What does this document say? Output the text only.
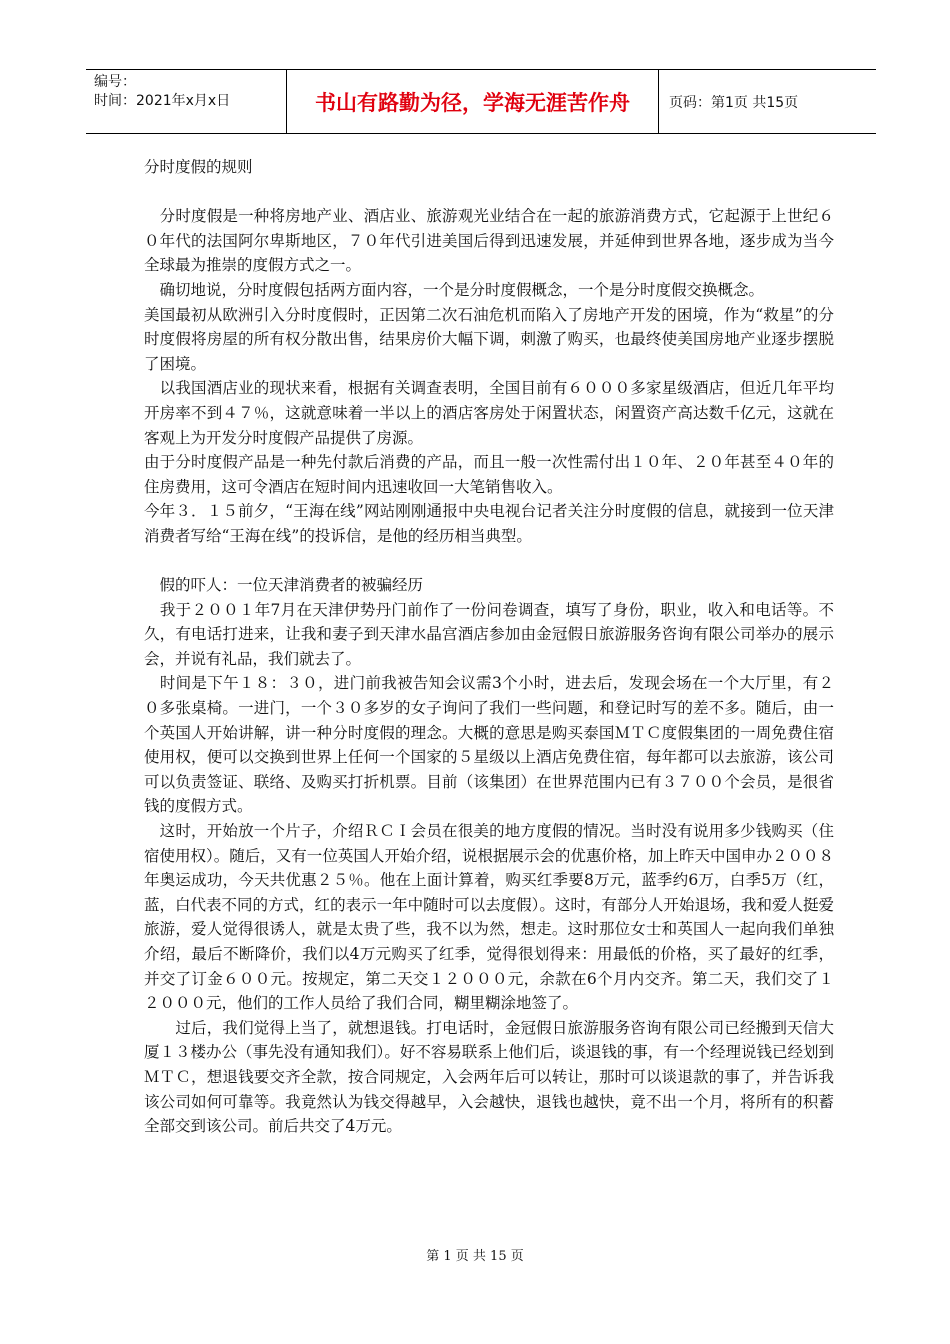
编号：
时间：2021年x月x日	书山有路勤为径，学海无涯苦作舟	页码：第1页 共15页

分时度假的规则

　分时度假是一种将房地产业、酒店业、旅游观光业结合在一起的旅游消费方式，它起源于上世纪６０年代的法国阿尔卑斯地区，７０年代引进美国后得到迅速发展，并延伸到世界各地，逐步成为当今全球最为推崇的度假方式之一。

　确切地说，分时度假包括两方面内容，一个是分时度假概念，一个是分时度假交换概念。

美国最初从欧洲引入分时度假时，正因第二次石油危机而陷入了房地产开发的困境，作为“救星”的分时度假将房屋的所有权分散出售，结果房价大幅下调，刺激了购买，也最终使美国房地产业逐步摆脱了困境。

　以我国酒店业的现状来看，根据有关调查表明，全国目前有６０００多家星级酒店，但近几年平均开房率不到４７％，这就意味着一半以上的酒店客房处于闲置状态，闲置资产高达数千亿元，这就在客观上为开发分时度假产品提供了房源。

由于分时度假产品是一种先付款后消费的产品，而且一般一次性需付出１０年、２０年甚至４０年的住房费用，这可令酒店在短时间内迅速收回一大笔销售收入。

今年３．１５前夕，“王海在线”网站刚刚通报中央电视台记者关注分时度假的信息，就接到一位天津消费者写给“王海在线”的投诉信，是他的经历相当典型。

　假的吓人：一位天津消费者的被骗经历

　我于２００１年7月在天津伊势丹门前作了一份问卷调查，填写了身份，职业，收入和电话等。不久，有电话打进来，让我和妻子到天津水晶宫酒店参加由金冠假日旅游服务咨询有限公司举办的展示会，并说有礼品，我们就去了。

　时间是下午１８：３０，进门前我被告知会议需3个小时，进去后，发现会场在一个大厅里，有２０多张桌椅。一进门，一个３０多岁的女子询问了我们一些问题，和登记时写的差不多。随后，由一个英国人开始讲解，讲一种分时度假的理念。大概的意思是购买泰国ＭＴＣ度假集团的一周免费住宿使用权，便可以交换到世界上任何一个国家的５星级以上酒店免费住宿，每年都可以去旅游，该公司可以负责签证、联络、及购买打折机票。目前（该集团）在世界范围内已有３７００个会员，是很省钱的度假方式。

　这时，开始放一个片子，介绍ＲＣＩ会员在很美的地方度假的情况。当时没有说用多少钱购买（住宿使用权）。随后，又有一位英国人开始介绍，说根据展示会的优惠价格，加上昨天中国申办２００８年奥运成功，今天共优惠２５％。他在上面计算着，购买红季要8万元，蓝季约6万，白季5万（红，蓝，白代表不同的方式，红的表示一年中随时可以去度假）。这时，有部分人开始退场，我和爱人挺爱旅游，爱人觉得很诱人，就是太贵了些，我不以为然，想走。这时那位女士和英国人一起向我们单独介绍，最后不断降价，我们以4万元购买了红季，觉得很划得来：用最低的价格，买了最好的红季，并交了订金６００元。按规定，第二天交１２０００元，余款在6个月内交齐。第二天，我们交了１２０００元，他们的工作人员给了我们合同，糊里糊涂地签了。

　　过后，我们觉得上当了，就想退钱。打电话时，金冠假日旅游服务咨询有限公司已经搬到天信大厦１３楼办公（事先没有通知我们）。好不容易联系上他们后，谈退钱的事，有一个经理说钱已经划到ＭＴＣ，想退钱要交齐全款，按合同规定，入会两年后可以转让，那时可以谈退款的事了，并告诉我该公司如何可靠等。我竟然认为钱交得越早，入会越快，退钱也越快，竟不出一个月，将所有的积蓄全部交到该公司。前后共交了4万元。

第 1 页 共 15 页
